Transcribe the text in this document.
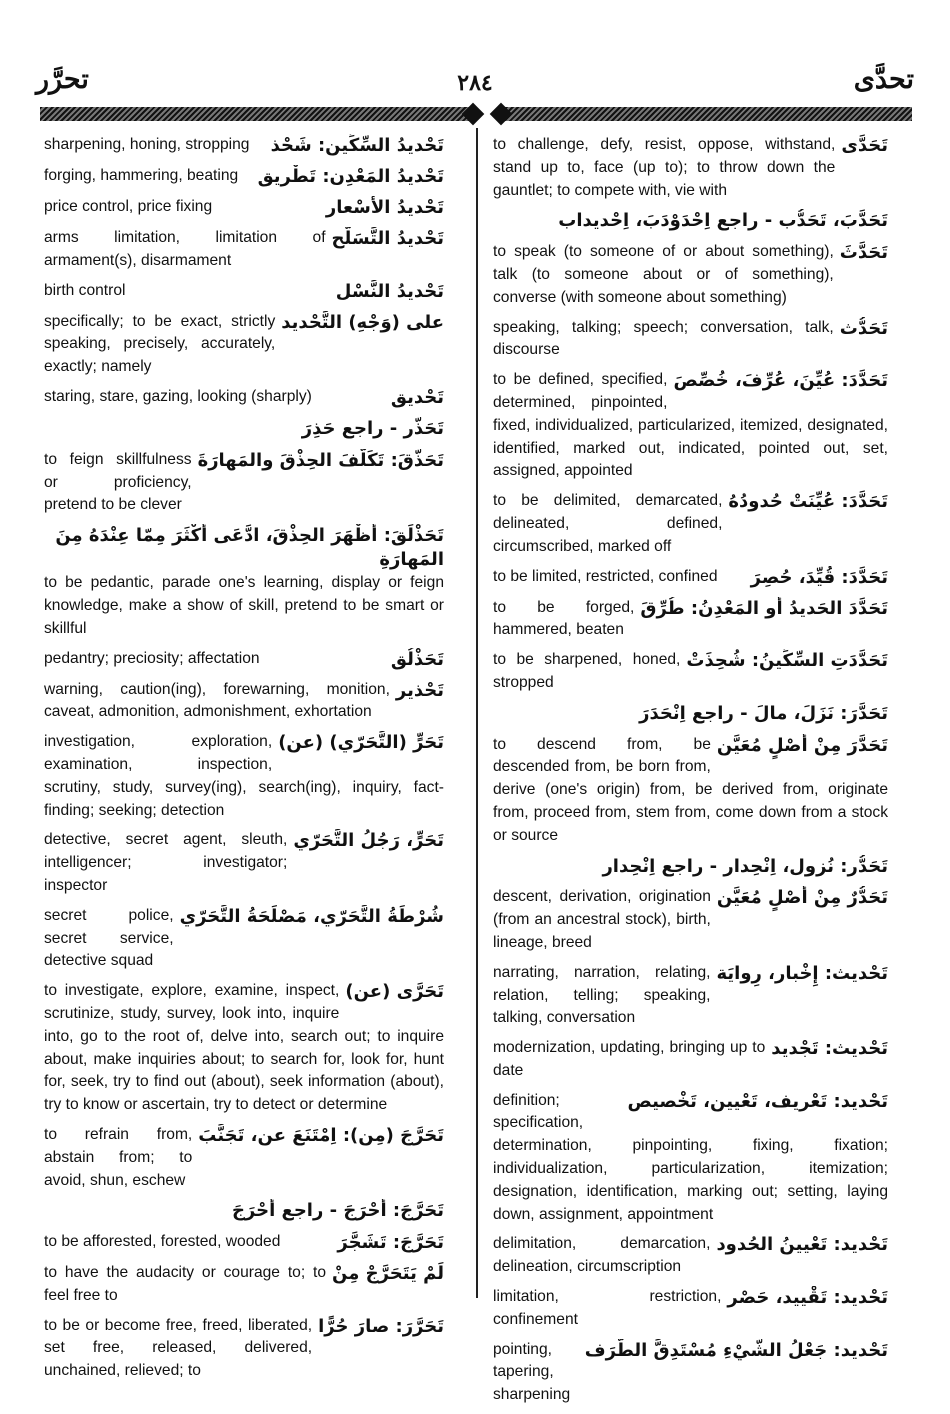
تحرَّر	٢٨٤	تحدَّى
تَحْديدُ السِّكِّين: شَحْذ
sharpening, honing, stropping
تَحْديدُ المَعْدِن: تَطْريق
forging, hammering, beating
تَحْديدُ الأَسْعار
price control, price fixing
تَحْديدُ التَّسَلُّح
arms limitation, limitation of armament(s), disarmament
تَحْديدُ النَّسْل
birth control
على (وَجْهِ) التَّحْديد
specifically; to be exact, strictly speaking, precisely, accurately, exactly; namely
تَحْديق
staring, stare, gazing, looking (sharply)
تَحَذَّر - راجع حَذِرَ
تَحَذَّقَ: تَكَلَّفَ الحِذْقَ والمَهارَةَ
to feign skillfulness or proficiency, pretend to be clever
تَحَذْلَقَ: أَظْهَرَ الحِذْقَ، ادَّعَى أَكْثَرَ مِمّا عِنْدَهُ مِنَ المَهارَةِ
to be pedantic, parade one's learning, display or feign knowledge, make a show of skill, pretend to be smart or skillful
تَحَذْلُق
pedantry; preciosity; affectation
تَحْذير
warning, caution(ing), forewarning, monition, caveat, admonition, admonishment, exhortation
تَحَرٍّ (التَّحَرّي) (عن)
investigation, exploration, examination, inspection, scrutiny, study, survey(ing), search(ing), inquiry, fact-finding; seeking; detection
تَحَرٍّ، رَجُلُ التَّحَرّي
detective, secret agent, sleuth, intelligencer; investigator; inspector
شُرْطَةُ التَّحَرّي، مَصْلَحَةُ التَّحَرّي
secret police, secret service, detective squad
تَحَرَّى (عن)
to investigate, explore, examine, inspect, scrutinize, study, survey, look into, inquire into, go to the root of, delve into, search out; to inquire about, make inquiries about; to search for, look for, hunt for, seek, try to find out (about), seek information (about), try to know or ascertain, try to detect or determine
تَحَرَّجَ (مِن): اِمْتَنَعَ عن، تَجَنَّبَ
to refrain from, abstain from; to avoid, shun, eschew
تَحَرَّجَ: أَحْرَجَ - راجع أَحْرَجَ
تَحَرَّجَ: تَشَجَّرَ
to be afforested, forested, wooded
لَمْ يَتَحَرَّجْ مِنْ
to have the audacity or courage to; to feel free to
تَحَرَّرَ: صارَ حُرًّا
to be or become free, freed, liberated, set free, released, delivered, unchained, relieved; to
تَحَدَّى
to challenge, defy, resist, oppose, withstand, stand up to, face (up to); to throw down the gauntlet; to compete with, vie with
تَحَدَّبَ، تَحَدُّب - راجع اِحْدَوْدَبَ، اِحْديداب
تَحَدَّثَ
to speak (to someone of or about something), talk (to someone about or of something), converse (with someone about something)
تَحَدُّث
speaking, talking; speech; conversation, talk, discourse
تَحَدَّدَ: عُيِّنَ، عُرِّفَ، خُصِّصَ
to be defined, specified, determined, pinpointed, fixed, individualized, particularized, itemized, designated, identified, marked out, indicated, pointed out, set, assigned, appointed
تَحَدَّدَ: عُيِّنَتْ حُدودُهُ
to be delimited, demarcated, delineated, defined, circumscribed, marked off
تَحَدَّدَ: قُيِّدَ، حُصِرَ
to be limited, restricted, confined
تَحَدَّدَ الحَديدُ أو المَعْدِنُ: طُرِّقَ
to be forged, hammered, beaten
تَحَدَّدَتِ السِّكِّينُ: شُحِذَتْ
to be sharpened, honed, stropped
تَحَدَّرَ: نَزَلَ، مالَ - راجع اِنْحَدَرَ
تَحَدَّرَ مِنْ أَصْلٍ مُعَيَّن
to descend from, be descended from, be born from, derive (one's origin) from, be derived from, originate from, proceed from, stem from, come down from a stock or source
تَحَدُّر: نُزول، اِنْحِدار - راجع اِنْحِدار
تَحَدُّرٌ مِنْ أَصْلٍ مُعَيَّن
descent, derivation, origination (from an ancestral stock), birth, lineage, breed
تَحْديث: إِخْبار، رِوايَة
narrating, narration, relating, relation, telling; speaking, talking, conversation
تَحْديث: تَجْديد
modernization, updating, bringing up to date
تَحْديد: تَعْريف، تَعْيين، تَخْصيص
definition; specification, determination, pinpointing, fixing, fixation; individualization, particularization, itemization; designation, identification, marking out; setting, laying down, assignment, appointment
تَحْديد: تَعْيينُ الحُدود
delimitation, demarcation, delineation, circumscription
تَحْديد: تَقْييد، حَصْر
limitation, restriction, confinement
تَحْديد: جَعْلُ الشَّيْءِ مُسْتَدِقَّ الطَّرَف
pointing, tapering, sharpening
